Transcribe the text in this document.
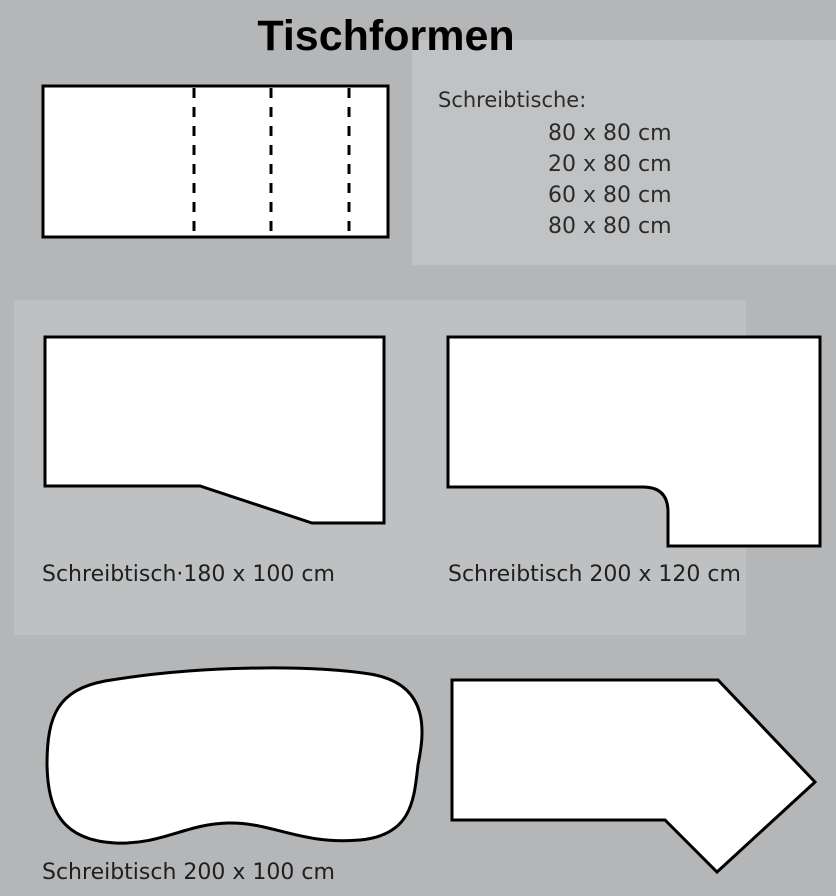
Tischformen
Schreibtische:
80 x 80 cm
20 x 80 cm
60 x 80 cm
80 x 80 cm
Schreibtisch·180 x 100 cm	Schreibtisch 200 x 120 cm
Schreibtisch 200 x 100 cm
